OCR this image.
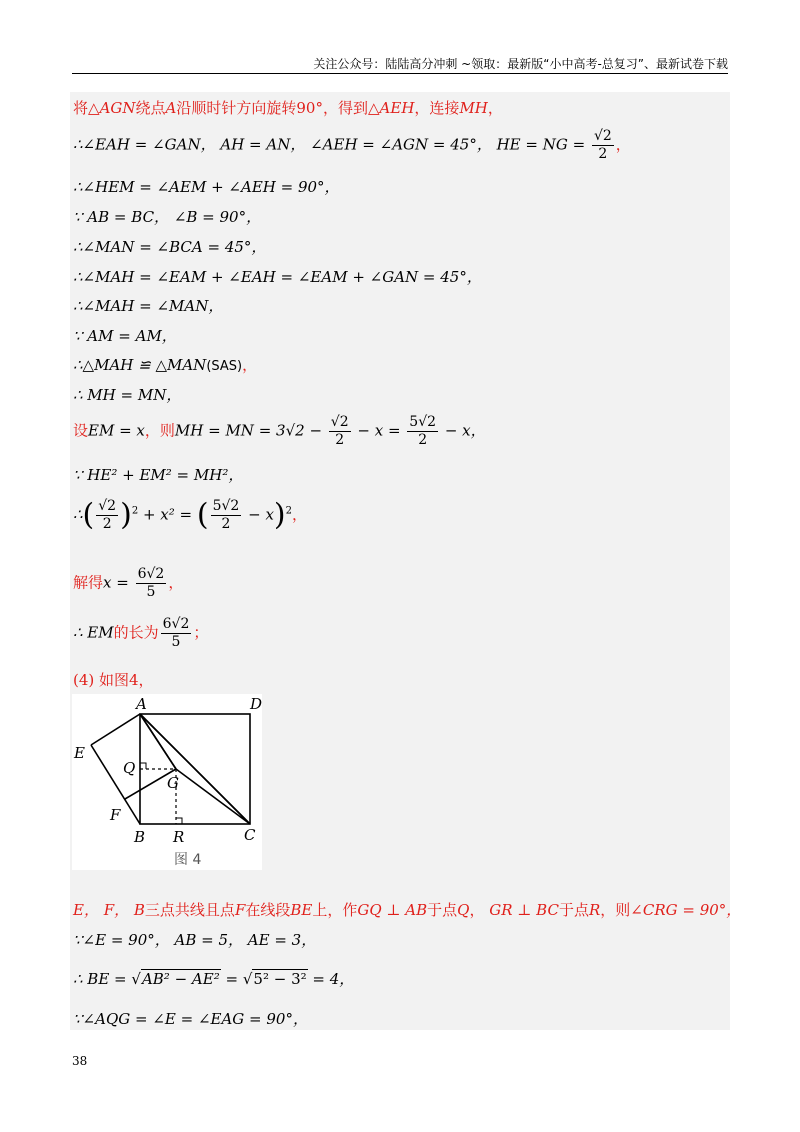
关注公众号：陆陆高分冲刺 ~领取：最新版“小中高考-总复习”、最新试卷下载
将△AGN绕点A沿顺时针方向旋转90°，得到△AEH，连接MH，
∴∠EAH = ∠GAN， AH = AN， ∠AEH = ∠AGN = 45°， HE = NG = $\frac{√2}{2}$ ，
∴∠HEM = ∠AEM + ∠AEH = 90°，
∵ AB = BC， ∠B = 90°，
∴∠MAN = ∠BCA = 45°，
∴∠MAH = ∠EAM + ∠EAH = ∠EAM + ∠GAN = 45°，
∴∠MAH = ∠MAN，
∵ AM = AM，
∴△MAH ≌ △MAN(SAS)，
∴ MH = MN，
设EM = x，则MH = MN = $3√2 - \frac{√2}{2} - x = \frac{5√2}{2} - x$，
∵ HE² + EM² = MH²，
∴( $\frac{√2}{2} )^2 + x^2$ = ( $\frac{5√2}{2} - x)^2$，
解得$x = \frac{6√2}{5}$ ，
∴ EM的长为 $\frac{6√2}{5}$ ；
(4) 如图4，
A	D
E
Q
G
F
B R	C
图 4
E， F， B三点共线且点F在线段BE上，作GQ ⊥ AB于点Q， GR ⊥ BC于点R，则∠CRG = 90°，
∵∠E = 90°， AB = 5， AE = 3，
∴ BE = √AB² − AE² = √5² − 3² = 4，
∵∠AQG = ∠E = ∠EAG = 90°，
38
